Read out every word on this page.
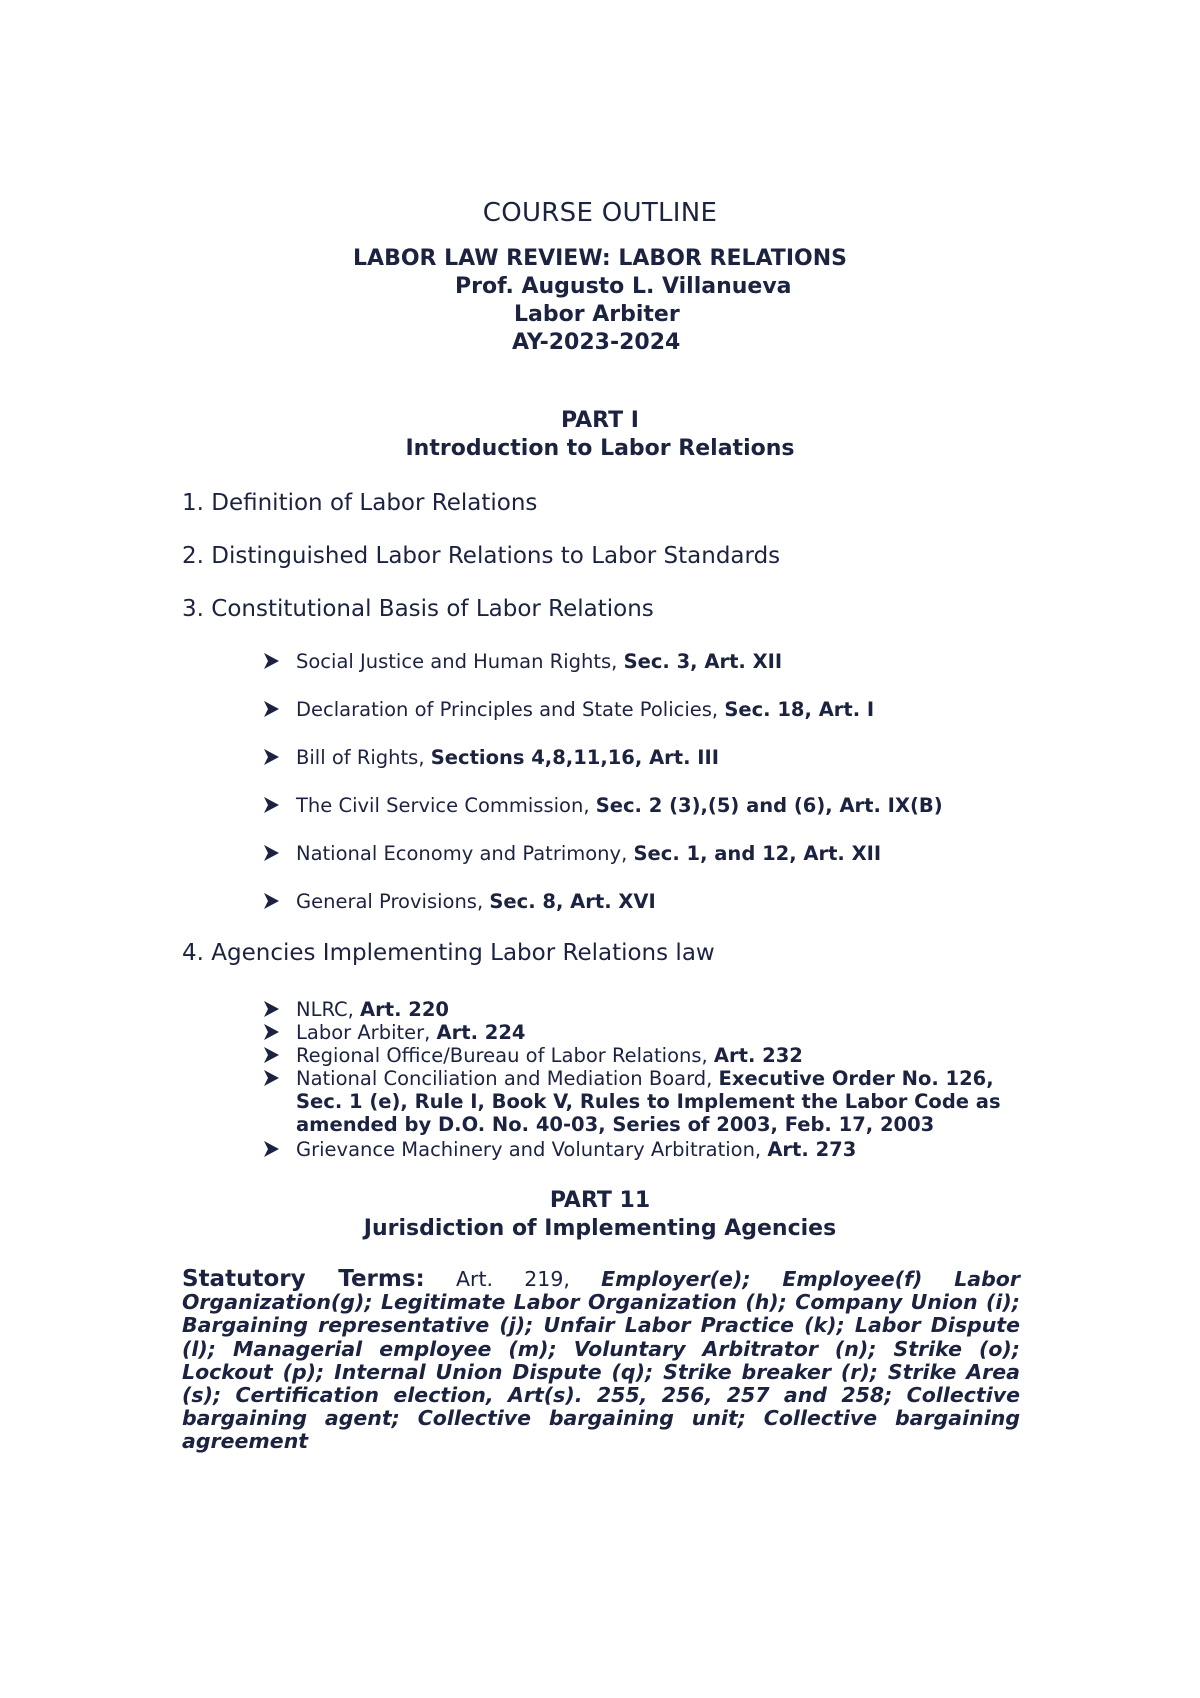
COURSE OUTLINE
LABOR LAW REVIEW: LABOR RELATIONS
Prof. Augusto L. Villanueva
Labor Arbiter
AY-2023-2024
PART I
Introduction to Labor Relations
1. Definition of Labor Relations
2. Distinguished Labor Relations to Labor Standards
3. Constitutional Basis of Labor Relations
Social Justice and Human Rights, Sec. 3, Art. XII
Declaration of Principles and State Policies, Sec. 18, Art. I
Bill of Rights, Sections 4,8,11,16, Art. III
The Civil Service Commission, Sec. 2 (3),(5) and (6), Art. IX(B)
National Economy and Patrimony, Sec. 1, and 12, Art. XII
General Provisions, Sec. 8, Art. XVI
4. Agencies Implementing Labor Relations law
NLRC, Art. 220
Labor Arbiter, Art. 224
Regional Office/Bureau of Labor Relations, Art. 232
National Conciliation and Mediation Board, Executive Order No. 126, Sec. 1 (e), Rule I, Book V, Rules to Implement the Labor Code as amended by D.O. No. 40-03, Series of 2003, Feb. 17, 2003
Grievance Machinery and Voluntary Arbitration, Art. 273
PART 11
Jurisdiction of Implementing Agencies
Statutory Terms: Art. 219, Employer(e); Employee(f) Labor Organization(g); Legitimate Labor Organization (h); Company Union (i); Bargaining representative (j); Unfair Labor Practice (k); Labor Dispute (l); Managerial employee (m); Voluntary Arbitrator (n); Strike (o); Lockout (p); Internal Union Dispute (q); Strike breaker (r); Strike Area (s); Certification election, Art(s). 255, 256, 257 and 258; Collective bargaining agent; Collective bargaining unit; Collective bargaining agreement
